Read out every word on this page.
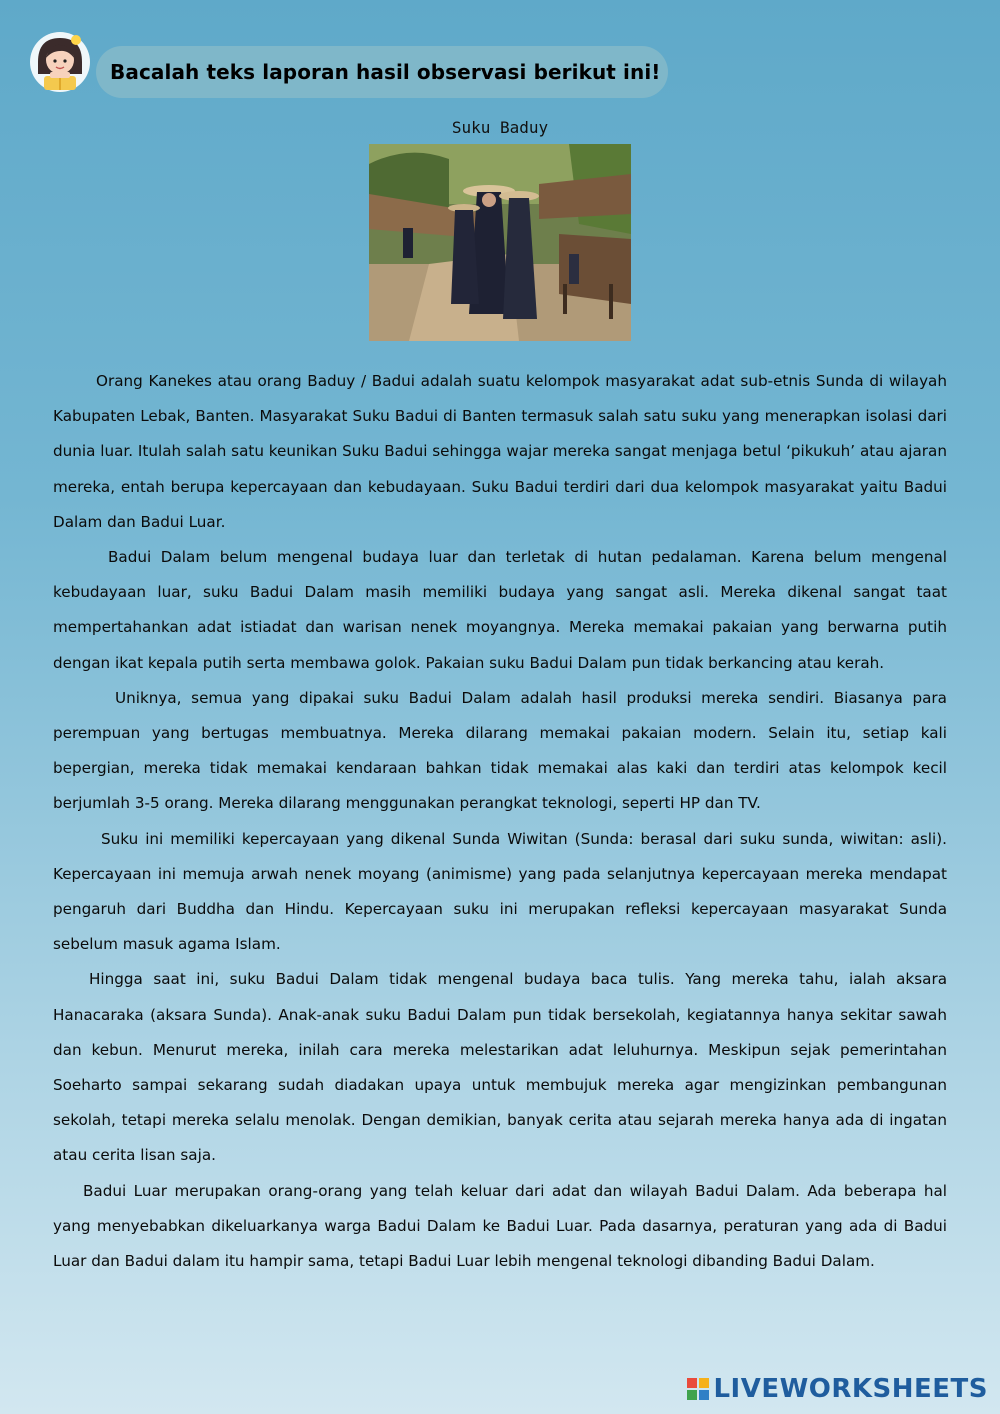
Bacalah teks laporan hasil observasi berikut ini!
Suku Baduy

Orang Kanekes atau orang Baduy / Badui adalah suatu kelompok masyarakat adat sub-etnis Sunda di wilayah Kabupaten Lebak, Banten. Masyarakat Suku Badui di Banten termasuk salah satu suku yang menerapkan isolasi dari dunia luar. Itulah salah satu keunikan Suku Badui sehingga wajar mereka sangat menjaga betul ‘pikukuh’ atau ajaran mereka, entah berupa kepercayaan dan kebudayaan. Suku Badui terdiri dari dua kelompok masyarakat yaitu Badui Dalam dan Badui Luar.

Badui Dalam belum mengenal budaya luar dan terletak di hutan pedalaman. Karena belum mengenal kebudayaan luar, suku Badui Dalam masih memiliki budaya yang sangat asli. Mereka dikenal sangat taat mempertahankan adat istiadat dan warisan nenek moyangnya. Mereka memakai pakaian yang berwarna putih dengan ikat kepala putih serta membawa golok. Pakaian suku Badui Dalam pun tidak berkancing atau kerah.

Uniknya, semua yang dipakai suku Badui Dalam adalah hasil produksi mereka sendiri. Biasanya para perempuan yang bertugas membuatnya. Mereka dilarang memakai pakaian modern. Selain itu, setiap kali bepergian, mereka tidak memakai kendaraan bahkan tidak memakai alas kaki dan terdiri atas kelompok kecil berjumlah 3-5 orang. Mereka dilarang menggunakan perangkat teknologi, seperti HP dan TV.

Suku ini memiliki kepercayaan yang dikenal Sunda Wiwitan (Sunda: berasal dari suku sunda, wiwitan: asli). Kepercayaan ini memuja arwah nenek moyang (animisme) yang pada selanjutnya kepercayaan mereka mendapat pengaruh dari Buddha dan Hindu. Kepercayaan suku ini merupakan refleksi kepercayaan masyarakat Sunda sebelum masuk agama Islam.

Hingga saat ini, suku Badui Dalam tidak mengenal budaya baca tulis. Yang mereka tahu, ialah aksara Hanacaraka (aksara Sunda). Anak-anak suku Badui Dalam pun tidak bersekolah, kegiatannya hanya sekitar sawah dan kebun. Menurut mereka, inilah cara mereka melestarikan adat leluhurnya. Meskipun sejak pemerintahan Soeharto sampai sekarang sudah diadakan upaya untuk membujuk mereka agar mengizinkan pembangunan sekolah, tetapi mereka selalu menolak. Dengan demikian, banyak cerita atau sejarah mereka hanya ada di ingatan atau cerita lisan saja.

Badui Luar merupakan orang-orang yang telah keluar dari adat dan wilayah Badui Dalam. Ada beberapa hal yang menyebabkan dikeluarkanya warga Badui Dalam ke Badui Luar. Pada dasarnya, peraturan yang ada di Badui Luar dan Badui dalam itu hampir sama, tetapi Badui Luar lebih mengenal teknologi dibanding Badui Dalam.

LIVEWORKSHEETS
